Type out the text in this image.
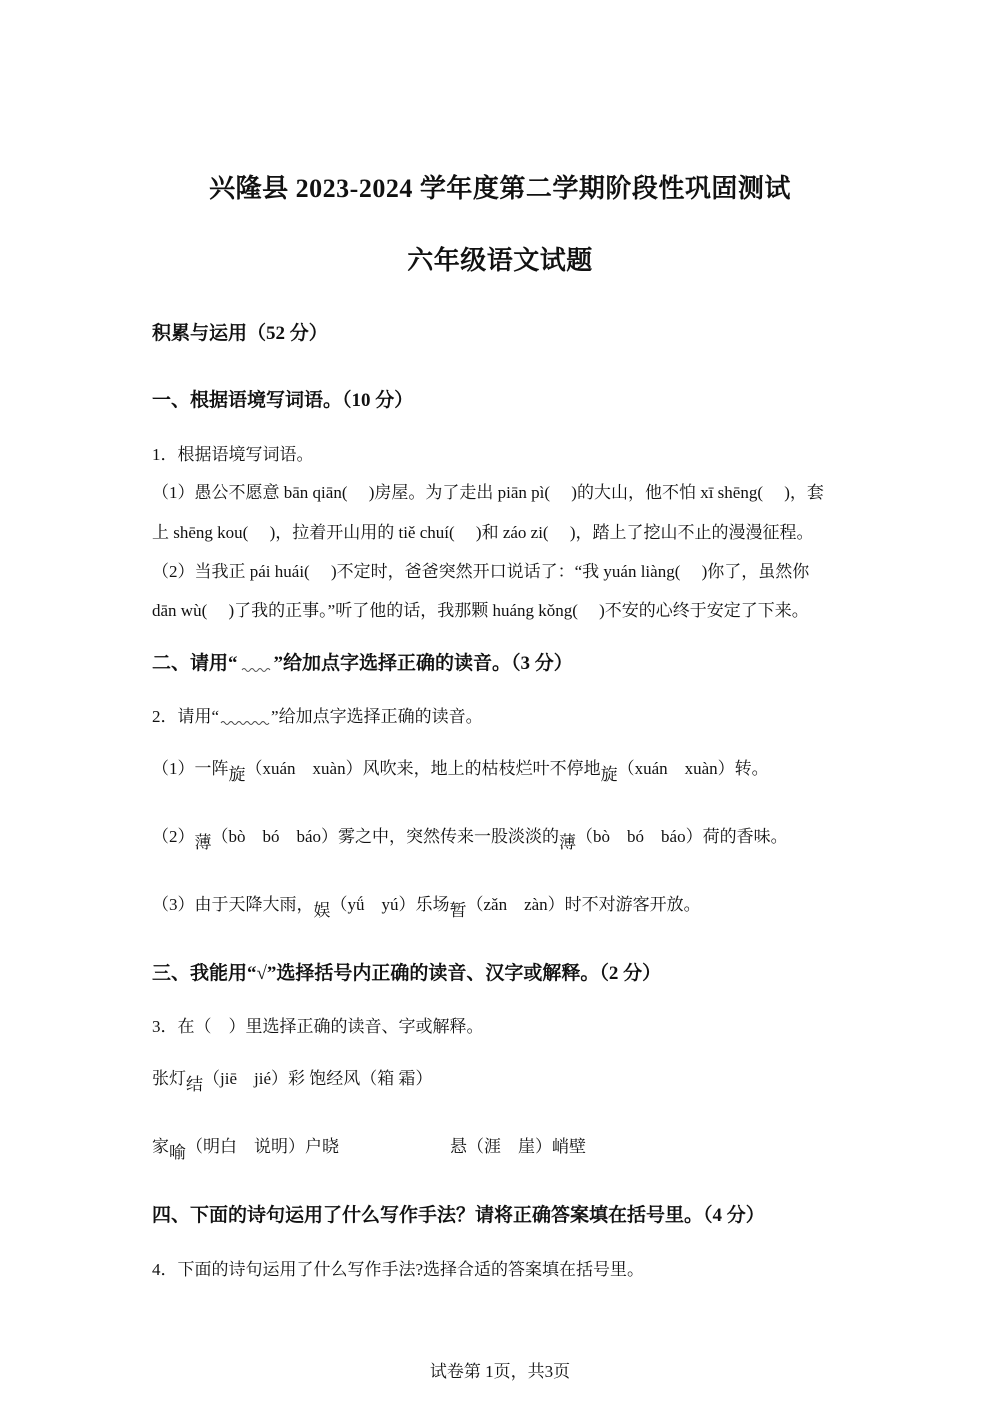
兴隆县 2023-2024 学年度第二学期阶段性巩固测试
六年级语文试题
积累与运用（52 分）
一、根据语境写词语。（10 分）
1．根据语境写词语。
（1）愚公不愿意 bān qiān(　 )房屋。为了走出 piān pì(　 )的大山，他不怕 xī shēng(　 )，套
上 shēng kou(　 )，拉着开山用的 tiě chuí(　 )和 záo zi(　 )，踏上了挖山不止的漫漫征程。
（2）当我正 pái huái(　 )不定时，爸爸突然开口说话了：“我 yuán liàng(　 )你了，虽然你
dān wù(　 )了我的正事。”听了他的话，我那颗 huáng kǒng(　 )不安的心终于安定了下来。
二、请用“ ”给加点字选择正确的读音。（3 分）
2．请用“	”给加点字选择正确的读音。
（1）一阵旋（xuán　xuàn）风吹来，地上的枯枝烂叶不停地旋（xuán　xuàn）转。
（2）薄（bò　bó　báo）雾之中，突然传来一股淡淡的薄（bò　bó　báo）荷的香味。
（3）由于天降大雨，娱（yǘ　yú）乐场暂（zǎn　zàn）时不对游客开放。
三、我能用“√”选择括号内正确的读音、汉字或解释。（2 分）
3．在（　）里选择正确的读音、字或解释。
张灯结（jiē　jié）彩 饱经风（箱 霜）
家喻（明白　说明）户晓	悬（涯　崖）峭壁
四、下面的诗句运用了什么写作手法？请将正确答案填在括号里。（4 分）
4．下面的诗句运用了什么写作手法?选择合适的答案填在括号里。
试卷第 1页，共3页
